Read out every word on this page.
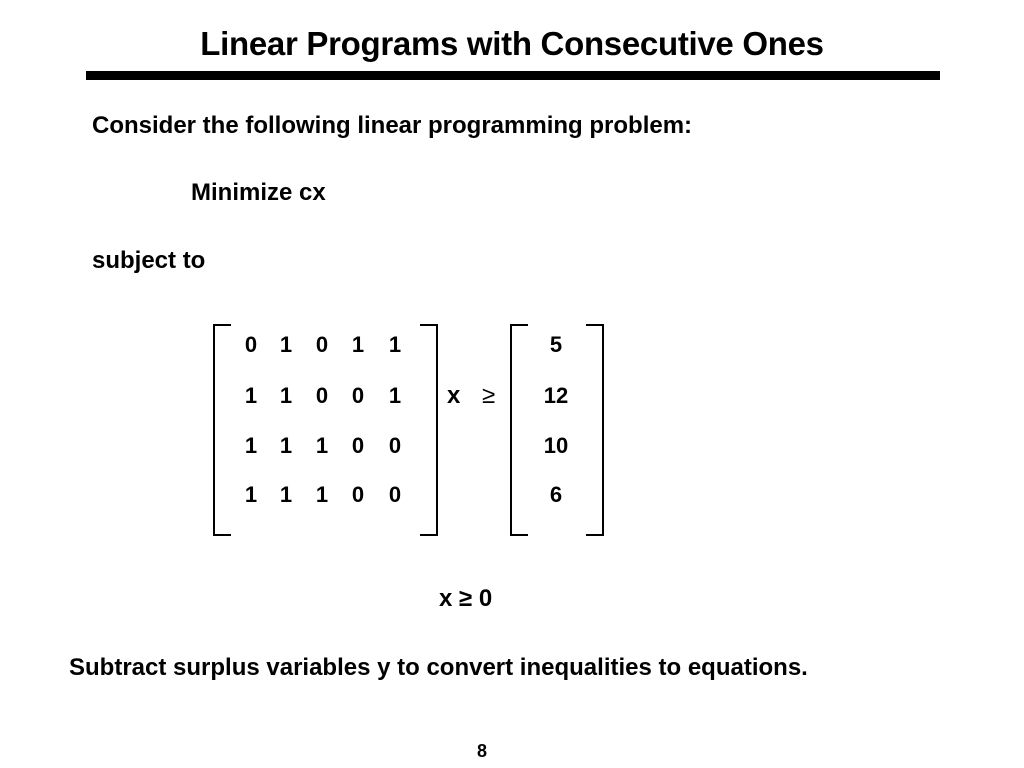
Linear Programs with Consecutive Ones
Consider the following linear programming problem:
Minimize cx
subject to
0	1	0	1	1
1	1	0	0	1
1	1	1	0	0
1	1	1	0	0
x ≥
5
12
10
6
x ≥ 0
Subtract surplus variables y to convert inequalities to equations.
8
